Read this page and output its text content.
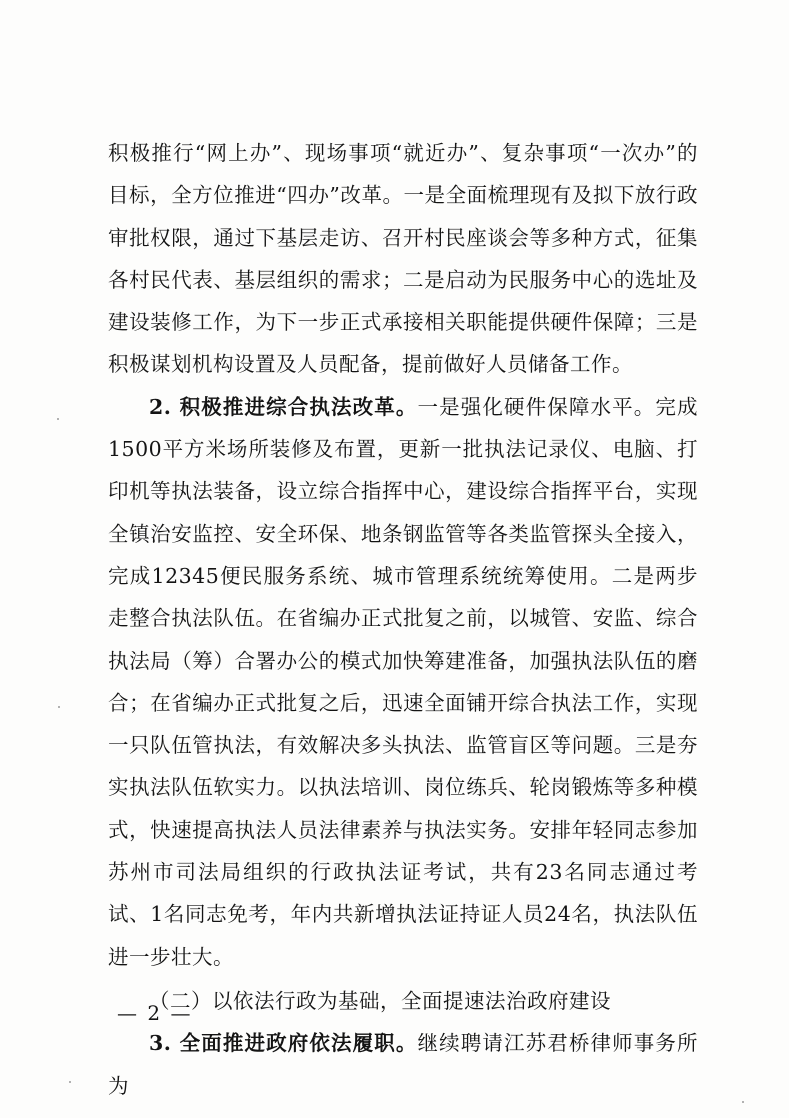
积极推行“网上办”、现场事项“就近办”、复杂事项“一次办”的目标，全方位推进“四办”改革。一是全面梳理现有及拟下放行政审批权限，通过下基层走访、召开村民座谈会等多种方式，征集各村民代表、基层组织的需求；二是启动为民服务中心的选址及建设装修工作，为下一步正式承接相关职能提供硬件保障；三是积极谋划机构设置及人员配备，提前做好人员储备工作。

2. 积极推进综合执法改革。一是强化硬件保障水平。完成1500平方米场所装修及布置，更新一批执法记录仪、电脑、打印机等执法装备，设立综合指挥中心，建设综合指挥平台，实现全镇治安监控、安全环保、地条钢监管等各类监管探头全接入，完成12345便民服务系统、城市管理系统统筹使用。二是两步走整合执法队伍。在省编办正式批复之前，以城管、安监、综合执法局（筹）合署办公的模式加快筹建准备，加强执法队伍的磨合；在省编办正式批复之后，迅速全面铺开综合执法工作，实现一只队伍管执法，有效解决多头执法、监管盲区等问题。三是夯实执法队伍软实力。以执法培训、岗位练兵、轮岗锻炼等多种模式，快速提高执法人员法律素养与执法实务。安排年轻同志参加苏州市司法局组织的行政执法证考试，共有23名同志通过考试、1名同志免考，年内共新增执法证持证人员24名，执法队伍进一步壮大。

（二）以依法行政为基础，全面提速法治政府建设

3. 全面推进政府依法履职。继续聘请江苏君桥律师事务所为

— 2 —
